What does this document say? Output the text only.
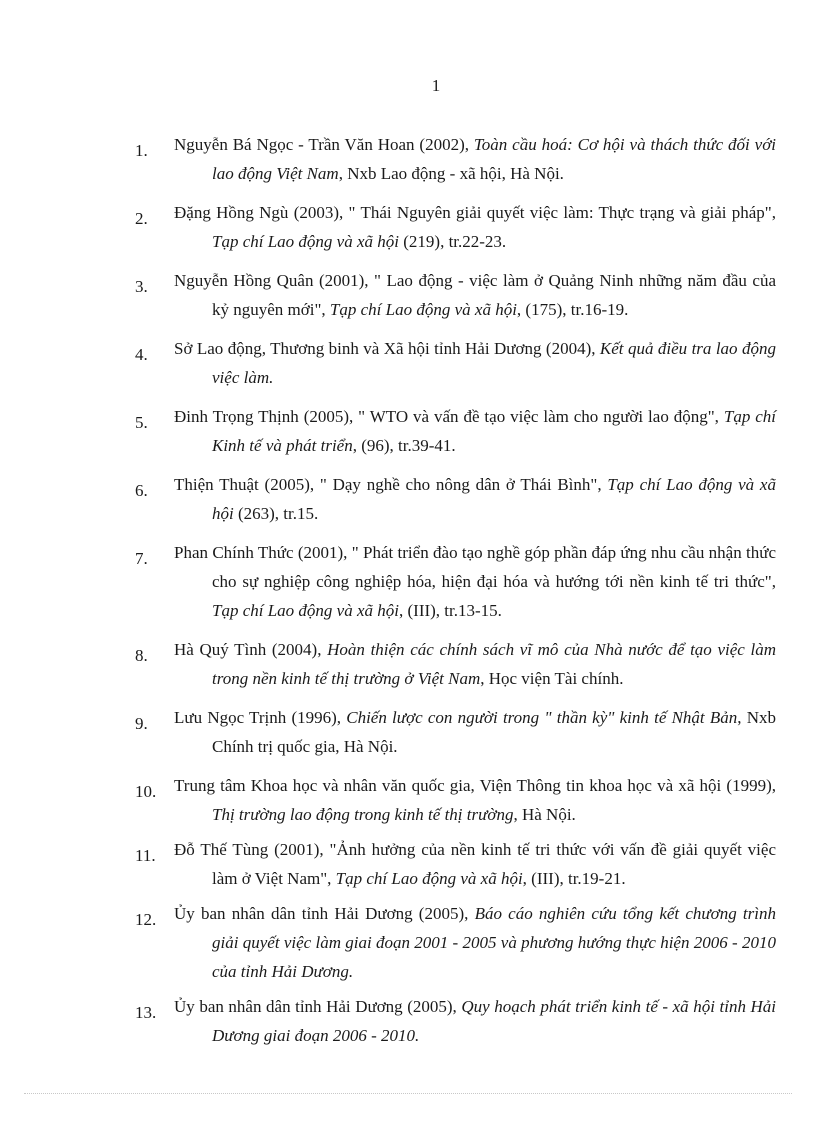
1
1.	Nguyễn Bá Ngọc - Trần Văn Hoan (2002), Toàn cầu hoá: Cơ hội và thách thức đối với lao động Việt Nam, Nxb Lao động - xã hội, Hà Nội.
2.	Đặng Hồng Ngù (2003), " Thái Nguyên giải quyết việc làm: Thực trạng và giải pháp", Tạp chí Lao động và xã hội (219), tr.22-23.
3.	Nguyễn Hồng Quân (2001), " Lao động - việc làm ở Quảng Ninh những năm đầu của kỷ nguyên mới", Tạp chí Lao động và xã hội, (175), tr.16-19.
4.	Sở Lao động, Thương binh và Xã hội tỉnh Hải Dương (2004), Kết quả điều tra lao động việc làm.
5.	Đinh Trọng Thịnh (2005), " WTO và vấn đề tạo việc làm cho người lao động", Tạp chí Kinh tế và phát triển, (96), tr.39-41.
6.	Thiện Thuật (2005), " Dạy nghề cho nông dân ở Thái Bình", Tạp chí Lao động và xã hội (263), tr.15.
7.	Phan Chính Thức (2001), " Phát triển đào tạo nghề góp phần đáp ứng nhu cầu nhận thức cho sự nghiệp công nghiệp hóa, hiện đại hóa và hướng tới nền kinh tế tri thức", Tạp chí Lao động và xã hội, (III), tr.13-15.
8.	Hà Quý Tình (2004), Hoàn thiện các chính sách vĩ mô của Nhà nước để tạo việc làm trong nền kinh tế thị trường ở Việt Nam, Học viện Tài chính.
9.	Lưu Ngọc Trịnh (1996), Chiến lược con người trong " thần kỳ" kinh tế Nhật Bản, Nxb Chính trị quốc gia, Hà Nội.
10.	Trung tâm Khoa học và nhân văn quốc gia, Viện Thông tin khoa học và xã hội (1999), Thị trường lao động trong kinh tế thị trường, Hà Nội.
11.	Đỗ Thế Tùng (2001), "Ảnh hưởng của nền kinh tế tri thức với vấn đề giải quyết việc làm ở Việt Nam", Tạp chí Lao động và xã hội, (III), tr.19-21.
12.	Ủy ban nhân dân tỉnh Hải Dương (2005), Báo cáo nghiên cứu tổng kết chương trình giải quyết việc làm giai đoạn 2001 - 2005 và phương hướng thực hiện 2006 - 2010 của tỉnh Hải Dương.
13.	Ủy ban nhân dân tỉnh Hải Dương (2005), Quy hoạch phát triển kinh tế - xã hội tỉnh Hải Dương giai đoạn 2006 - 2010.
